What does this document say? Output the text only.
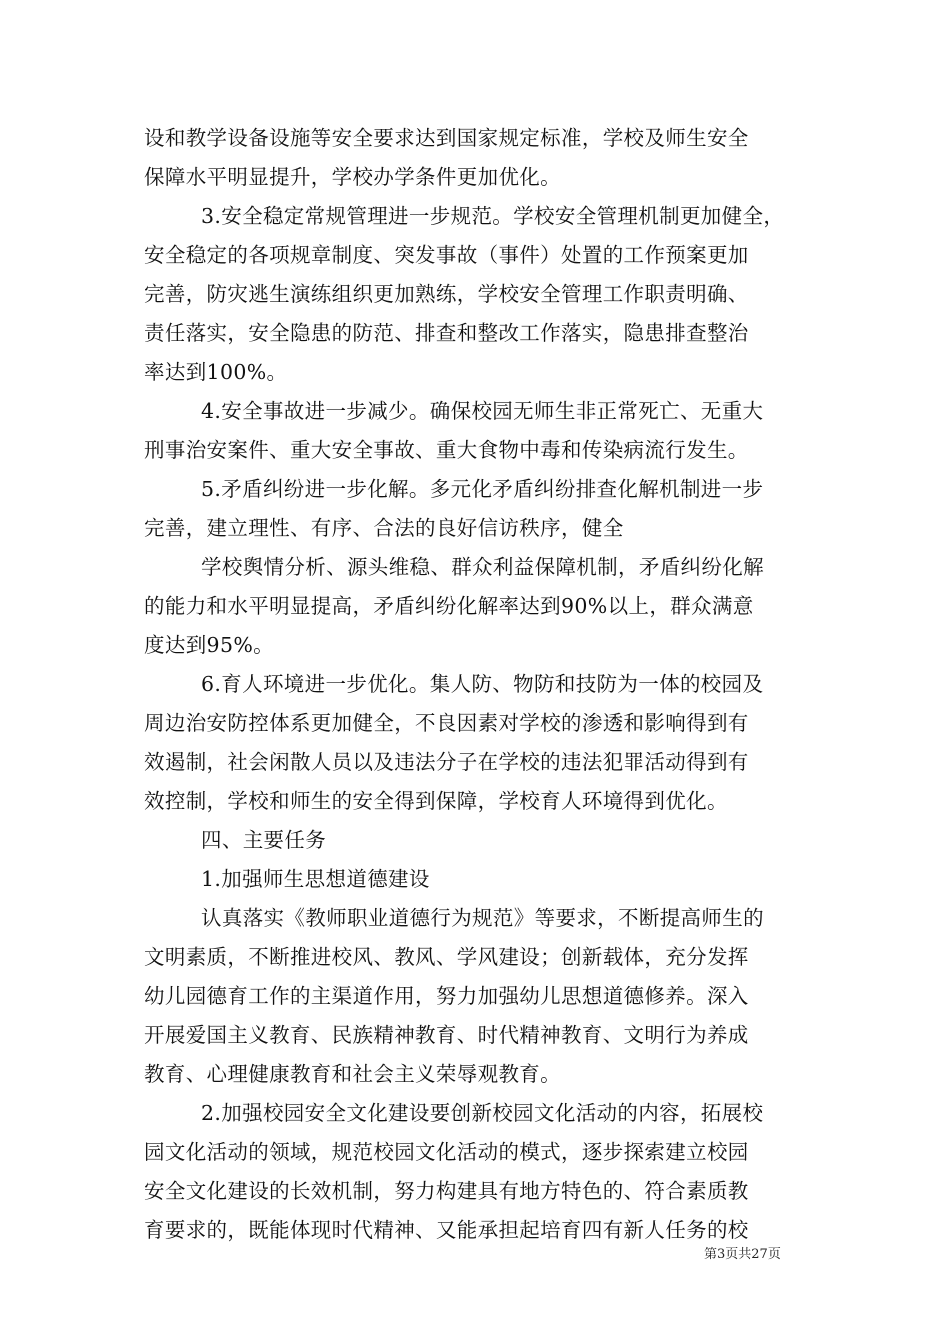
设和教学设备设施等安全要求达到国家规定标准，学校及师生安全
保障水平明显提升，学校办学条件更加优化。
3.安全稳定常规管理进一步规范。学校安全管理机制更加健全，
安全稳定的各项规章制度、突发事故（事件）处置的工作预案更加
完善，防灾逃生演练组织更加熟练，学校安全管理工作职责明确、
责任落实，安全隐患的防范、排查和整改工作落实，隐患排查整治
率达到100%。
4.安全事故进一步减少。确保校园无师生非正常死亡、无重大
刑事治安案件、重大安全事故、重大食物中毒和传染病流行发生。
5.矛盾纠纷进一步化解。多元化矛盾纠纷排查化解机制进一步
完善，建立理性、有序、合法的良好信访秩序，健全
学校舆情分析、源头维稳、群众利益保障机制，矛盾纠纷化解
的能力和水平明显提高，矛盾纠纷化解率达到90%以上，群众满意
度达到95%。
6.育人环境进一步优化。集人防、物防和技防为一体的校园及
周边治安防控体系更加健全，不良因素对学校的渗透和影响得到有
效遏制，社会闲散人员以及违法分子在学校的违法犯罪活动得到有
效控制，学校和师生的安全得到保障，学校育人环境得到优化。
四、主要任务
1.加强师生思想道德建设
认真落实《教师职业道德行为规范》等要求，不断提高师生的
文明素质，不断推进校风、教风、学风建设；创新载体，充分发挥
幼儿园德育工作的主渠道作用，努力加强幼儿思想道德修养。深入
开展爱国主义教育、民族精神教育、时代精神教育、文明行为养成
教育、心理健康教育和社会主义荣辱观教育。
2.加强校园安全文化建设要创新校园文化活动的内容，拓展校
园文化活动的领域，规范校园文化活动的模式，逐步探索建立校园
安全文化建设的长效机制，努力构建具有地方特色的、符合素质教
育要求的，既能体现时代精神、又能承担起培育四有新人任务的校
第3页共27页
